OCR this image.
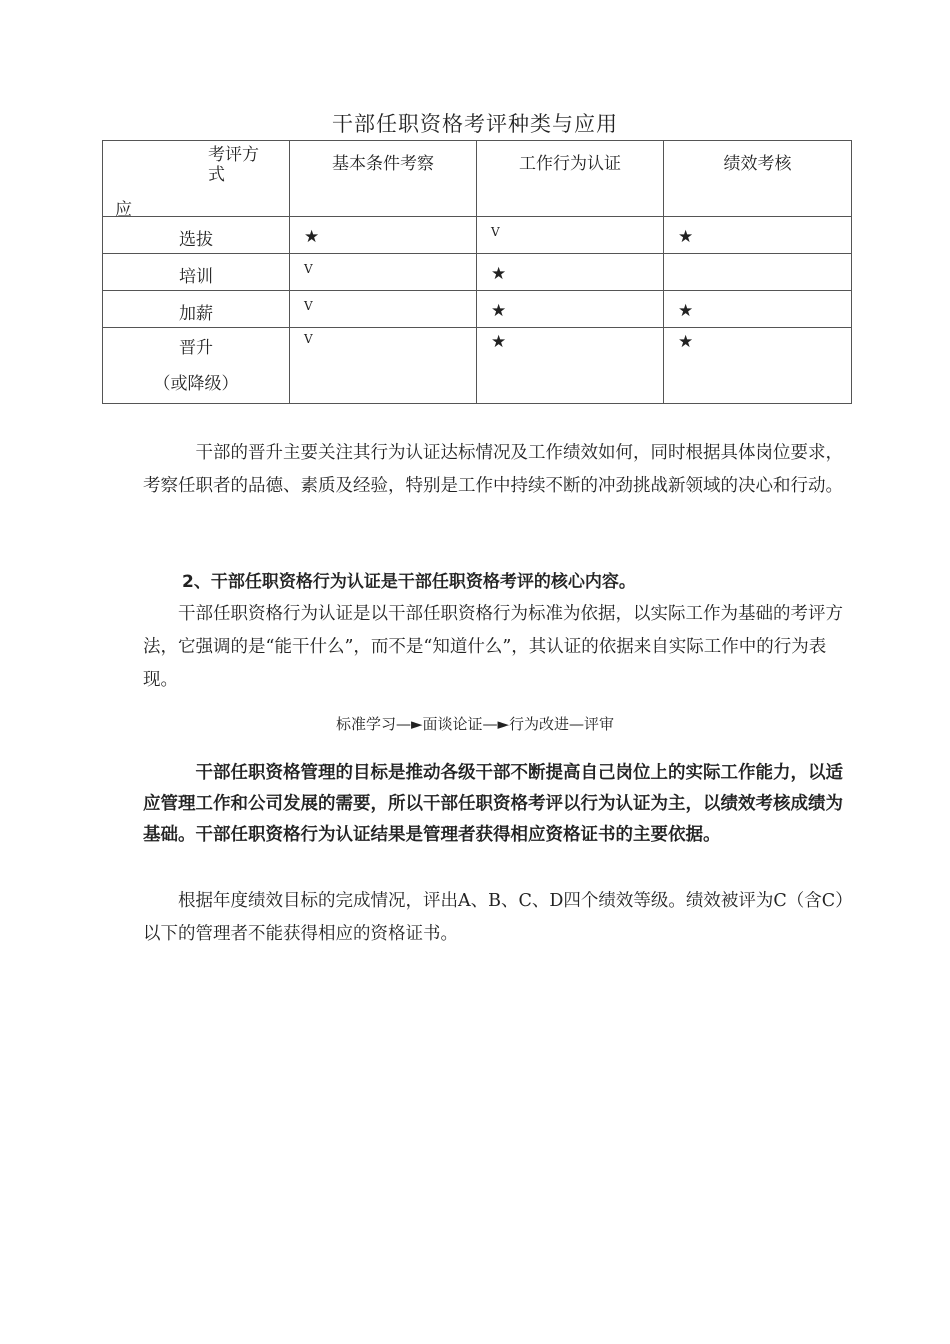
干部任职资格考评种类与应用
考评方式
应	基本条件考察	工作行为认证	绩效考核
选拔	★	V	★

培训	V	★	

加薪	V	★	★

晋升
（或降级）	V	★	★
　　　干部的晋升主要关注其行为认证达标情况及工作绩效如何，同时根据具体岗位要求，考察任职者的品德、素质及经验，特别是工作中持续不断的冲劲挑战新领域的决心和行动。
2、干部任职资格行为认证是干部任职资格考评的核心内容。
　　干部任职资格行为认证是以干部任职资格行为标准为依据，以实际工作为基础的考评方法，它强调的是“能干什么”，而不是“知道什么”，其认证的依据来自实际工作中的行为表现。
标准学习—►面谈论证—►行为改进—评审
　　　干部任职资格管理的目标是推动各级干部不断提高自己岗位上的实际工作能力，以适应管理工作和公司发展的需要，所以干部任职资格考评以行为认证为主，以绩效考核成绩为基础。干部任职资格行为认证结果是管理者获得相应资格证书的主要依据。
　　根据年度绩效目标的完成情况，评出A、B、C、D四个绩效等级。绩效被评为C（含C）以下的管理者不能获得相应的资格证书。
